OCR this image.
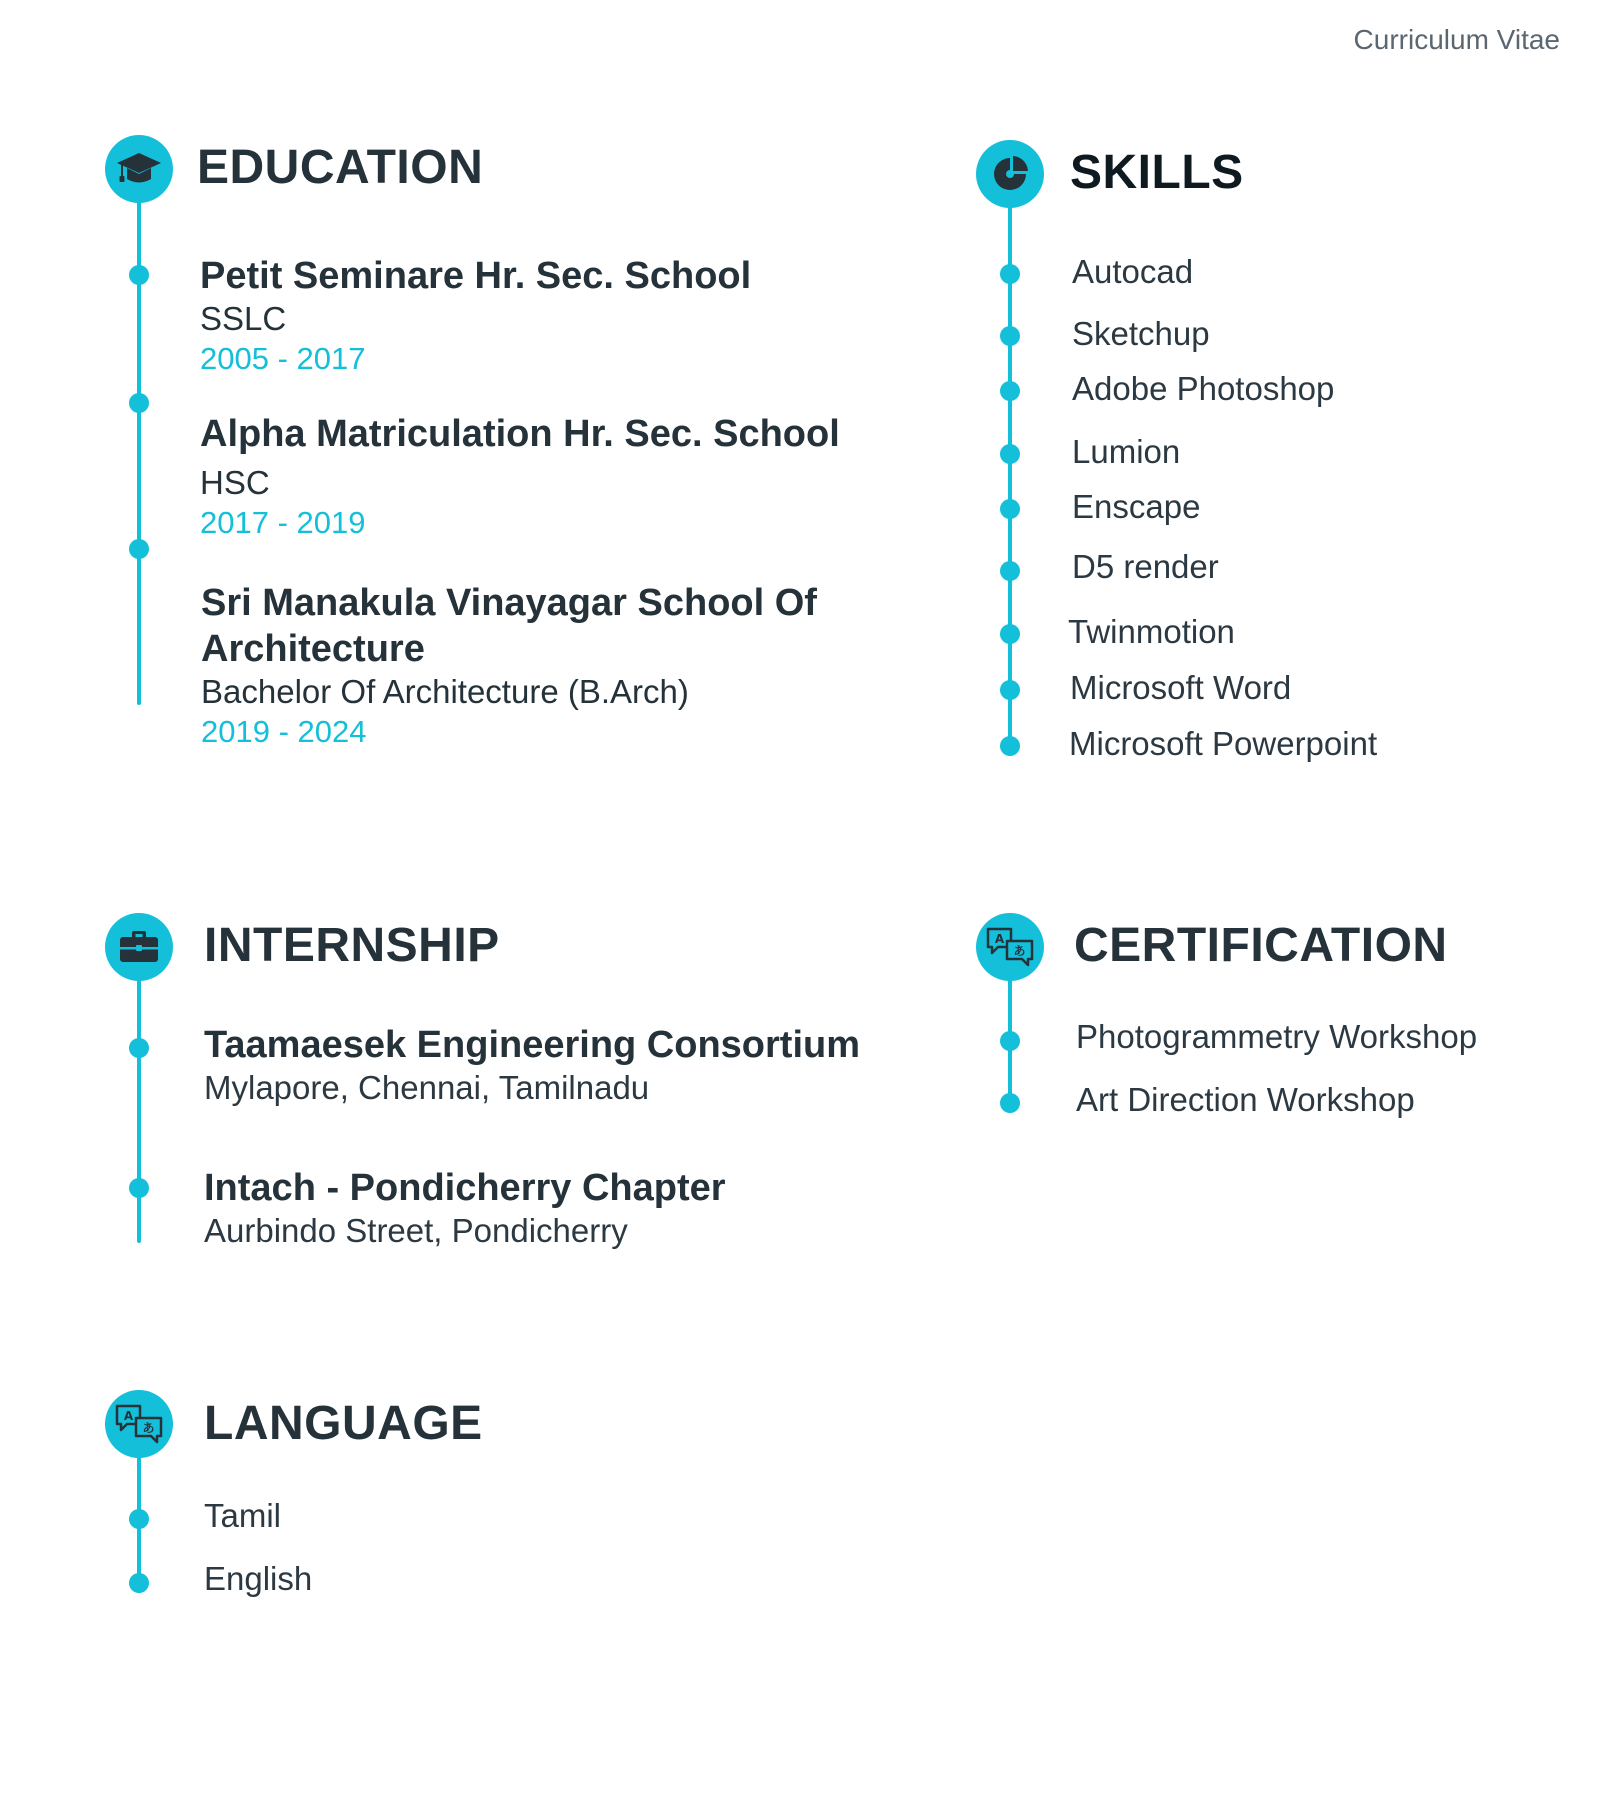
Curriculum Vitae
EDUCATION
Petit Seminare Hr. Sec. School
SSLC
2005 - 2017
Alpha Matriculation Hr. Sec. School
HSC
2017 - 2019
Sri Manakula Vinayagar School Of
Architecture
Bachelor Of Architecture (B.Arch)
2019 - 2024
SKILLS
Autocad
Sketchup
Adobe Photoshop
Lumion
Enscape
D5 render
Twinmotion
Microsoft Word
Microsoft Powerpoint
INTERNSHIP
Taamaesek Engineering Consortium
Mylapore, Chennai, Tamilnadu
Intach - Pondicherry Chapter
Aurbindo Street, Pondicherry
A
あ CERTIFICATION
Photogrammetry Workshop
Art Direction Workshop
A
あ LANGUAGE
Tamil
English
